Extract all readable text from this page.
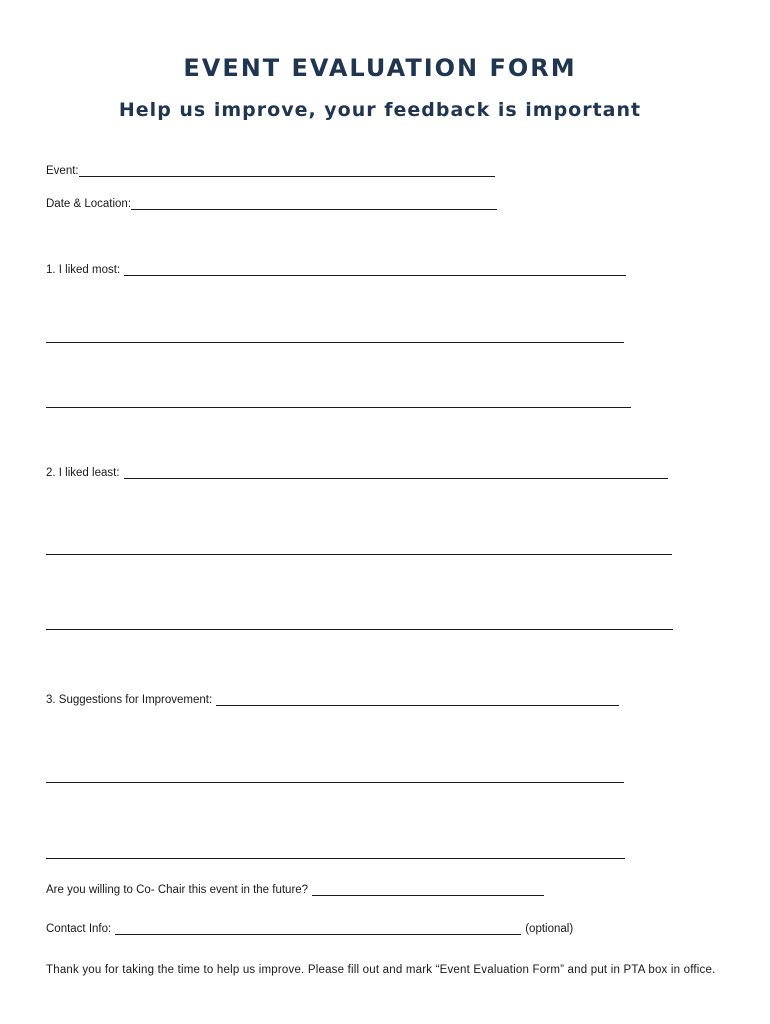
EVENT EVALUATION FORM
Help us improve, your feedback is important
Event:
Date & Location:
1. I liked most:
2. I liked least:
3. Suggestions for Improvement:
Are you willing to Co- Chair this event in the future?
Contact Info:	(optional)
Thank you for taking the time to help us improve. Please fill out and mark “Event Evaluation Form” and put in PTA box in office.
